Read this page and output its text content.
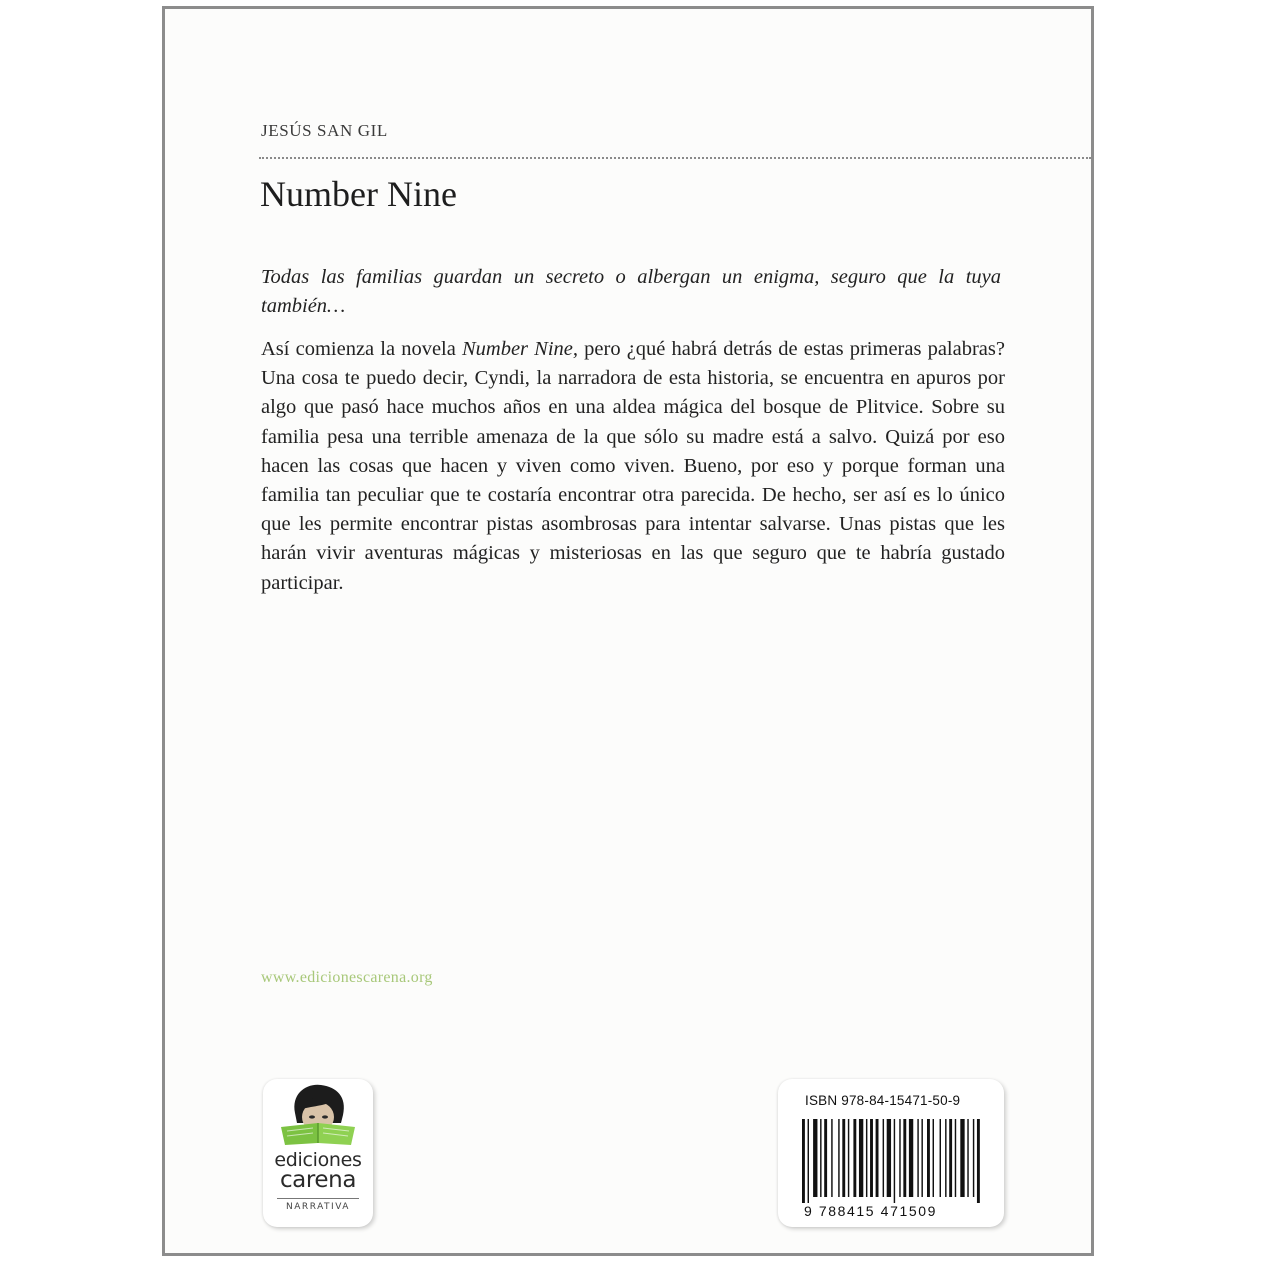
JESÚS SAN GIL
Number Nine

Todas las familias guardan un secreto o albergan un enigma, seguro que la tuya también…

Así comienza la novela Number Nine, pero ¿qué habrá detrás de estas primeras palabras? Una cosa te puedo decir, Cyndi, la narradora de esta historia, se encuentra en apuros por algo que pasó hace muchos años en una aldea mágica del bosque de Plitvice. Sobre su familia pesa una terrible amenaza de la que sólo su madre está a salvo. Quizá por eso hacen las cosas que hacen y viven como viven. Bueno, por eso y porque forman una familia tan peculiar que te costaría encontrar otra parecida. De hecho, ser así es lo único que les permite encontrar pistas asombrosas para intentar salvarse. Unas pistas que les harán vivir aventuras mágicas y misteriosas en las que seguro que te habría gustado participar.

www.edicionescarena.org
ediciones
carena
NARRATIVA
ISBN 978-84-15471-50-9
9 788415 471509
